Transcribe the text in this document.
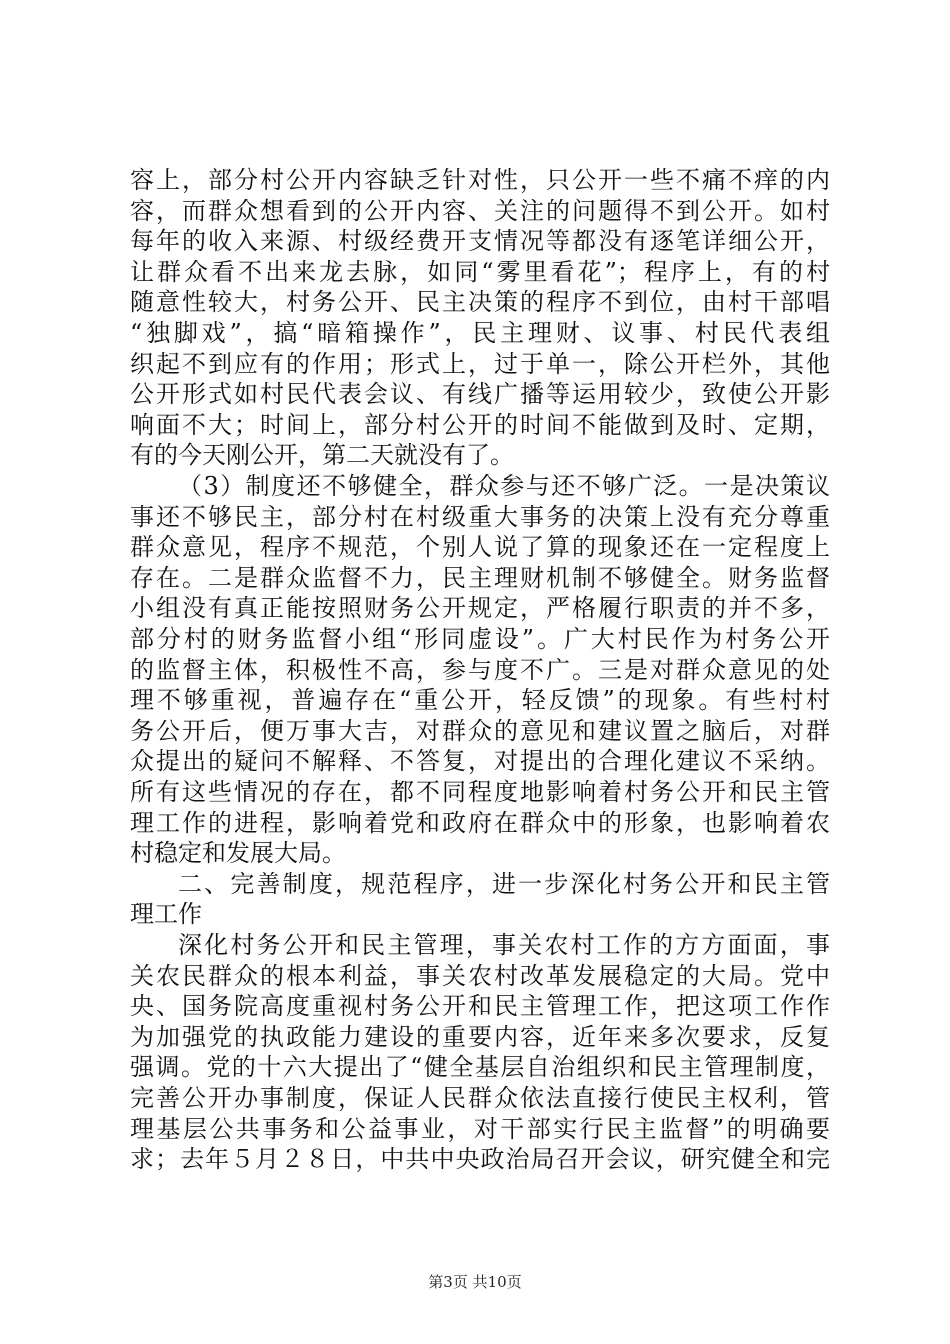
容上，部分村公开内容缺乏针对性，只公开一些不痛不痒的内
容，而群众想看到的公开内容、关注的问题得不到公开。如村
每年的收入来源、村级经费开支情况等都没有逐笔详细公开，
让群众看不出来龙去脉，如同“雾里看花”；程序上，有的村
随意性较大，村务公开、民主决策的程序不到位，由村干部唱
“独脚戏”，搞“暗箱操作”，民主理财、议事、村民代表组
织起不到应有的作用；形式上，过于单一，除公开栏外，其他
公开形式如村民代表会议、有线广播等运用较少，致使公开影
响面不大；时间上，部分村公开的时间不能做到及时、定期，
有的今天刚公开，第二天就没有了。
（3）制度还不够健全，群众参与还不够广泛。一是决策议
事还不够民主，部分村在村级重大事务的决策上没有充分尊重
群众意见，程序不规范，个别人说了算的现象还在一定程度上
存在。二是群众监督不力，民主理财机制不够健全。财务监督
小组没有真正能按照财务公开规定，严格履行职责的并不多，
部分村的财务监督小组“形同虚设”。广大村民作为村务公开
的监督主体，积极性不高，参与度不广。三是对群众意见的处
理不够重视，普遍存在“重公开，轻反馈”的现象。有些村村
务公开后，便万事大吉，对群众的意见和建议置之脑后，对群
众提出的疑问不解释、不答复，对提出的合理化建议不采纳。
所有这些情况的存在，都不同程度地影响着村务公开和民主管
理工作的进程，影响着党和政府在群众中的形象，也影响着农
村稳定和发展大局。
二、完善制度，规范程序，进一步深化村务公开和民主管
理工作
深化村务公开和民主管理，事关农村工作的方方面面，事
关农民群众的根本利益，事关农村改革发展稳定的大局。党中
央、国务院高度重视村务公开和民主管理工作，把这项工作作
为加强党的执政能力建设的重要内容，近年来多次要求，反复
强调。党的十六大提出了“健全基层自治组织和民主管理制度，
完善公开办事制度，保证人民群众依法直接行使民主权利，管
理基层公共事务和公益事业，对干部实行民主监督”的明确要
求；去年５月２８日，中共中央政治局召开会议，研究健全和完
第3页 共10页
